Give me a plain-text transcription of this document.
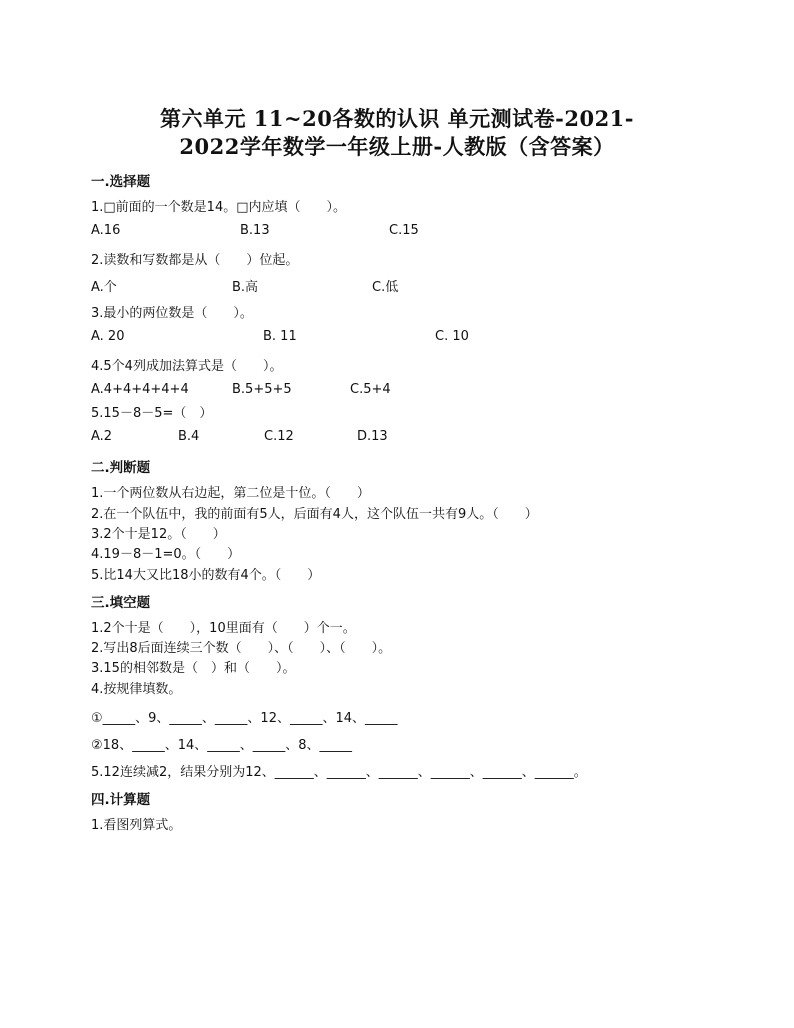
第六单元 11~20各数的认识 单元测试卷-2021-
2022学年数学一年级上册-人教版（含答案）
一.选择题
1.□前面的一个数是14。□内应填（　　）。
A.16	B.13	C.15
2.读数和写数都是从（　　）位起。
A.个	B.高	C.低
3.最小的两位数是（　　）。
A. 20	B. 11	C. 10
4.5个4列成加法算式是（　　）。
A.4+4+4+4+4	B.5+5+5	C.5+4
5.15－8－5=（　）
A.2	B.4	C.12	D.13
二.判断题
1.一个两位数从右边起，第二位是十位。（　　）
2.在一个队伍中，我的前面有5人，后面有4人，这个队伍一共有9人。（　　）
3.2个十是12。（　　）
4.19－8－1=0。（　　）
5.比14大又比18小的数有4个。（　　）
三.填空题
1.2个十是（　　），10里面有（　　）个一。
2.写出8后面连续三个数（　　）、（　　）、（　　）。
3.15的相邻数是（　）和（　　）。
4.按规律填数。
①_____、9、_____、_____、12、_____、14、_____
②18、_____、14、_____、_____、8、_____
5.12连续减2，结果分别为12、______、______、______、______、______、______。
四.计算题
1.看图列算式。
